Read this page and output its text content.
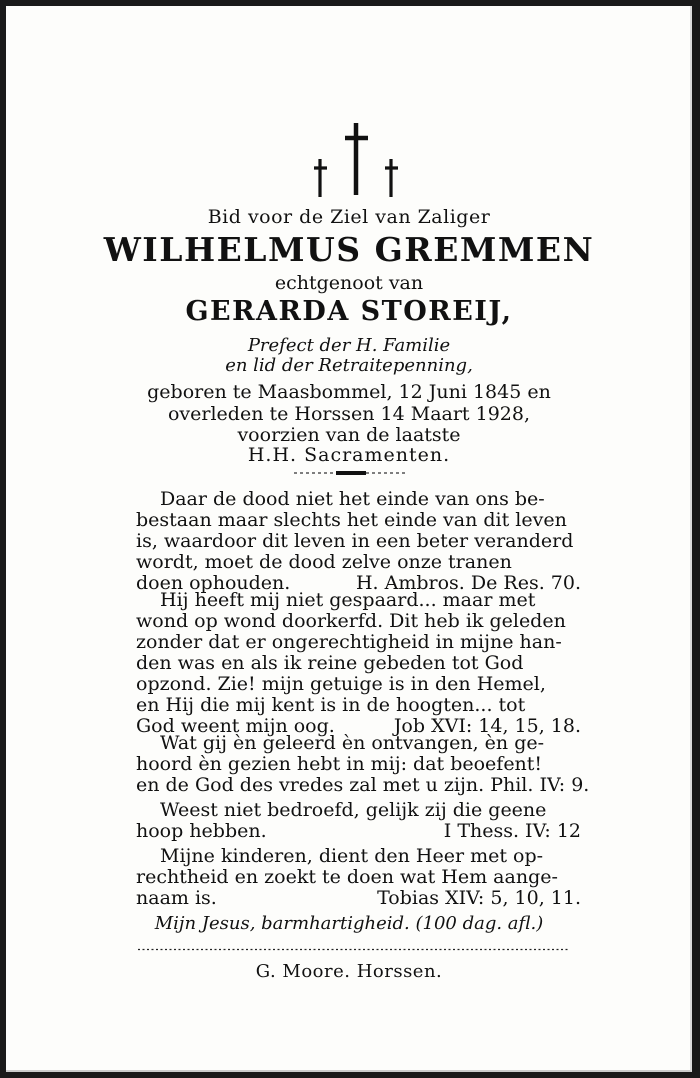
Bid voor de Ziel van Zaliger
WILHELMUS GREMMEN
echtgenoot van
GERARDA STOREIJ,
Prefect der H. Familie
en lid der Retraitepenning,
geboren te Maasbommel, 12 Juni 1845 en
overleden te Horssen 14 Maart 1928,
voorzien van de laatste
H.H. Sacramenten.
Daar de dood niet het einde van ons be-
bestaan maar slechts het einde van dit leven
is, waardoor dit leven in een beter veranderd
wordt, moet de dood zelve onze tranen
doen ophouden.	H. Ambros. De Res. 70.
Hij heeft mij niet gespaard... maar met
wond op wond doorkerfd. Dit heb ik geleden
zonder dat er ongerechtigheid in mijne han-
den was en als ik reine gebeden tot God
opzond. Zie! mijn getuige is in den Hemel,
en Hij die mij kent is in de hoogten... tot
God weent mijn oog.	Job XVI: 14, 15, 18.
Wat gij èn geleerd èn ontvangen, èn ge-
hoord èn gezien hebt in mij: dat beoefent!
en de God des vredes zal met u zijn. Phil. IV: 9.
Weest niet bedroefd, gelijk zij die geene
hoop hebben.	I Thess. IV: 12
Mijne kinderen, dient den Heer met op-
rechtheid en zoekt te doen wat Hem aange-
naam is.	Tobias XIV: 5, 10, 11.
Mijn Jesus, barmhartigheid. (100 dag. afl.)
G. Moore. Horssen.
